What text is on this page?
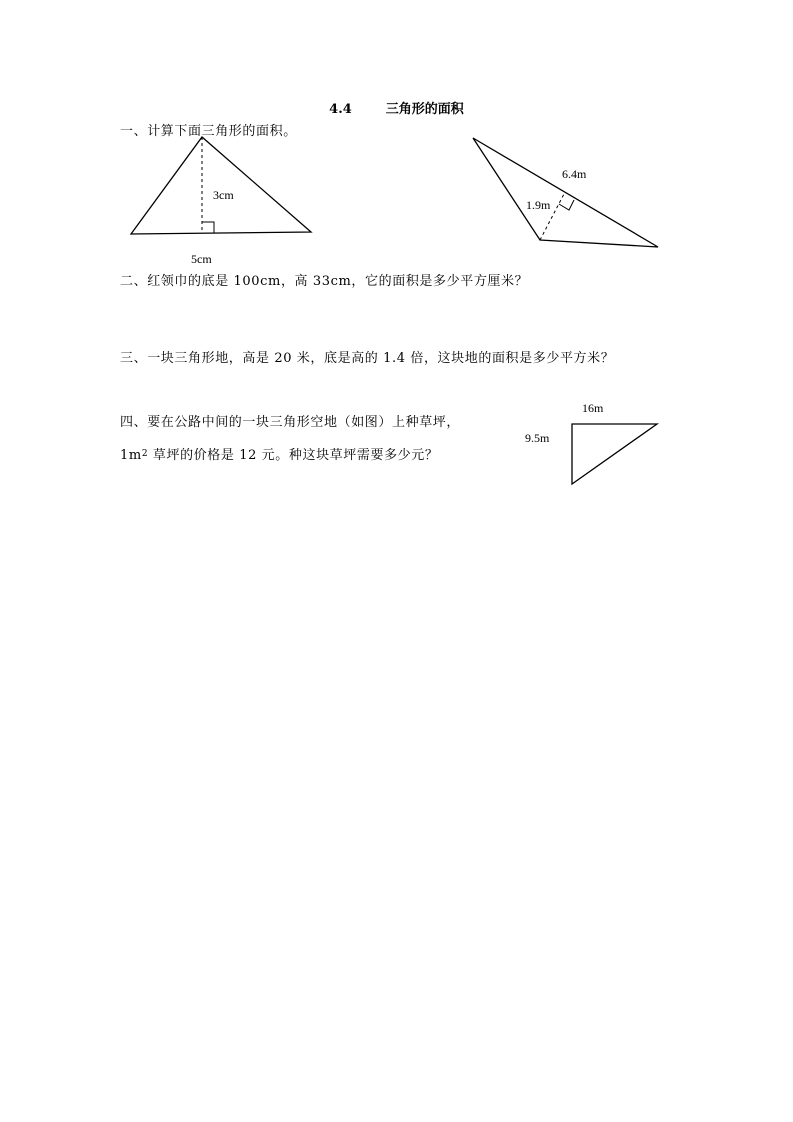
4.4	三角形的面积
一、计算下面三角形的面积。
3cm
5cm
6.4m
1.9m
二、红领巾的底是 100cm，高 33cm，它的面积是多少平方厘米？
三、一块三角形地，高是 20 米，底是高的 1.4 倍，这块地的面积是多少平方米？
四、要在公路中间的一块三角形空地（如图）上种草坪，
$1m^2$ 草坪的价格是 12 元。种这块草坪需要多少元？
16m
9.5m
